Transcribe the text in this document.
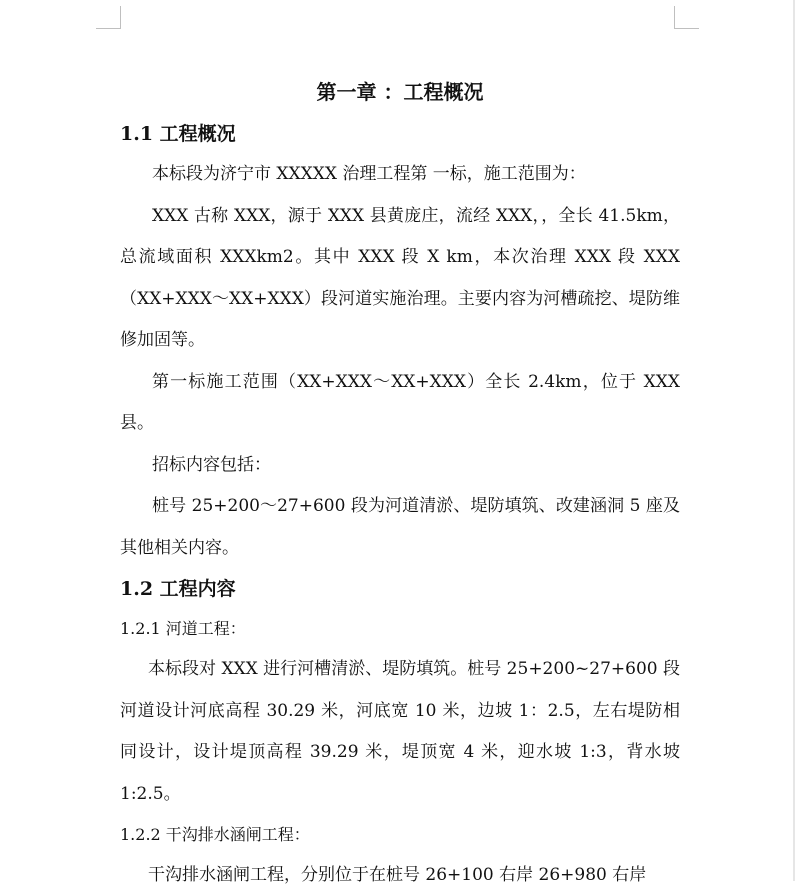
第一章 ：工程概况
1.1 工程概况

本标段为济宁市 XXXXX 治理工程第 一标，施工范围为：

XXX 古称 XXX，源于 XXX 县黄庞庄，流经 XXX，，全长 41.5km，总流域面积 XXXkm2。其中 XXX 段 X km，本次治理 XXX 段 XXX（XX+XXX～XX+XXX）段河道实施治理。主要内容为河槽疏挖、堤防维修加固等。

第一标施工范围（XX+XXX～XX+XXX）全长 2.4km，位于 XXX 县。

招标内容包括：

桩号 25+200～27+600 段为河道清淤、堤防填筑、改建涵洞 5 座及其他相关内容。

1.2 工程内容
1.2.1 河道工程：

本标段对 XXX 进行河槽清淤、堤防填筑。桩号 25+200~27+600 段河道设计河底高程 30.29 米，河底宽 10 米，边坡 1：2.5，左右堤防相同设计，设计堤顶高程 39.29 米，堤顶宽 4 米，迎水坡 1:3，背水坡 1:2.5。

1.2.2 干沟排水涵闸工程：

干沟排水涵闸工程，分别位于在桩号 26+100 右岸 26+980 右岸
